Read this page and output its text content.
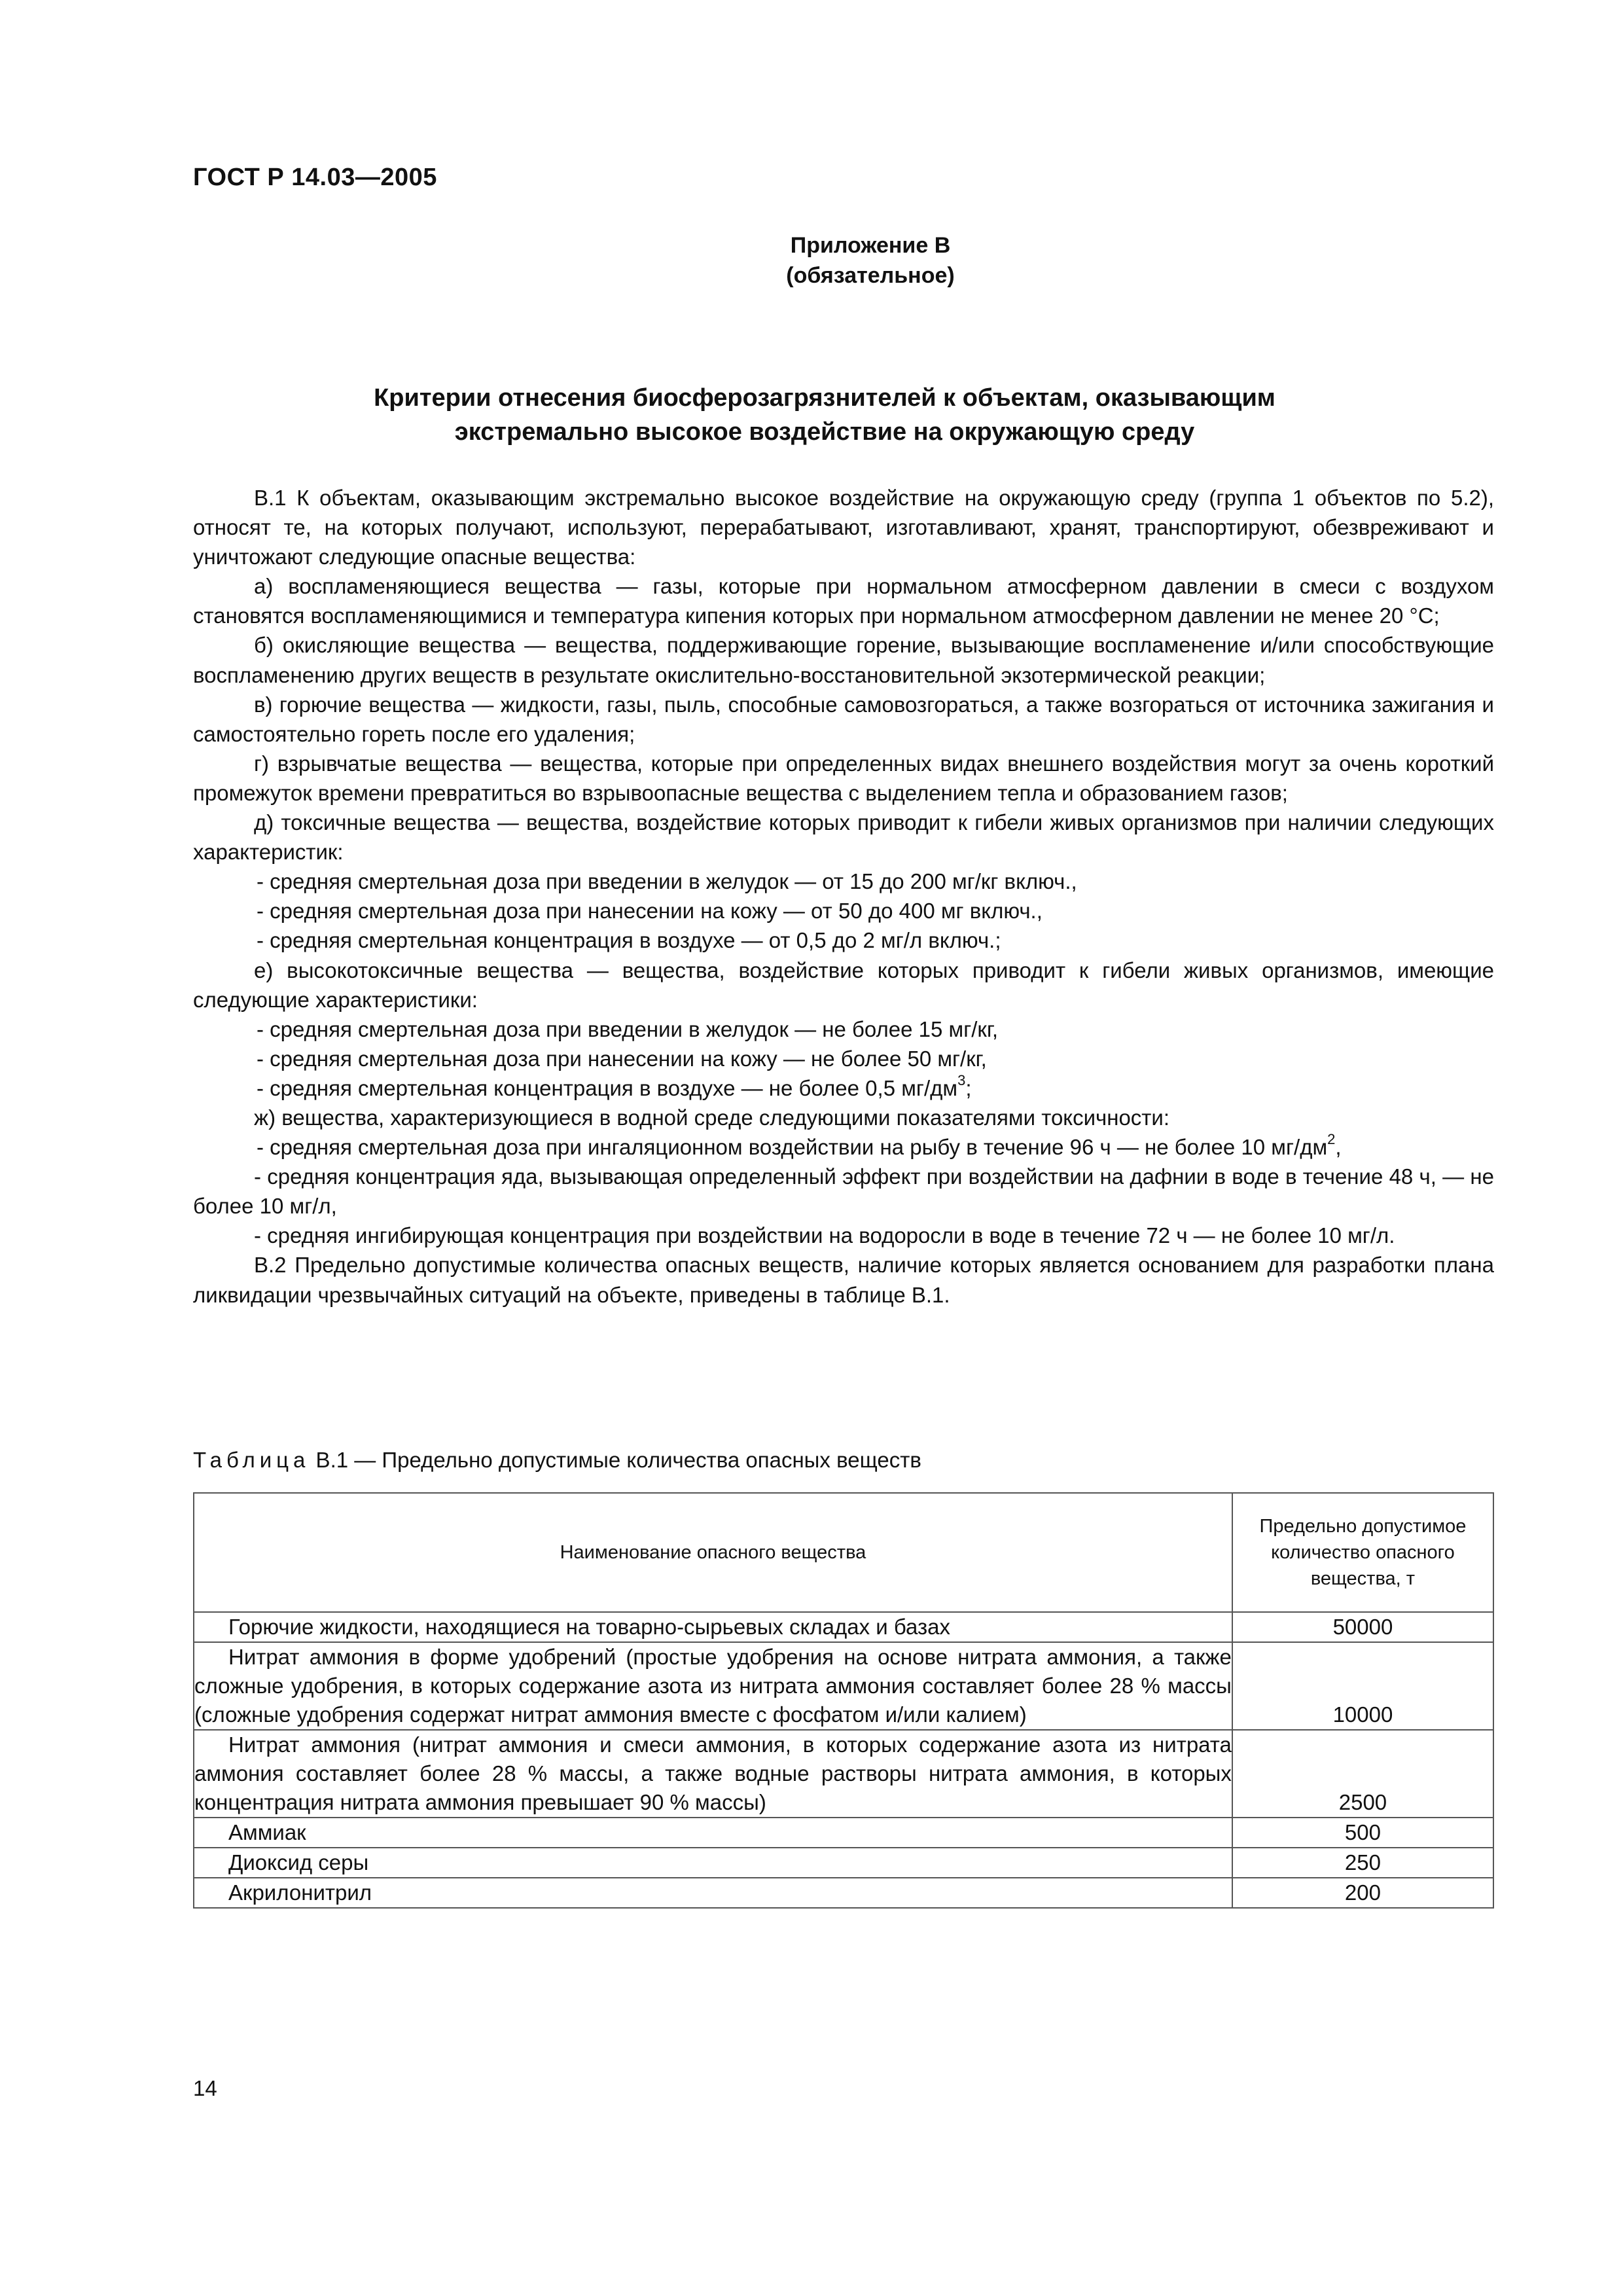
ГОСТ Р 14.03—2005
Приложение В
(обязательное)
Критерии отнесения биосферозагрязнителей к объектам, оказывающим
экстремально высокое воздействие на окружающую среду

В.1 К объектам, оказывающим экстремально высокое воздействие на окружающую среду (группа 1 объектов по 5.2), относят те, на которых получают, используют, перерабатывают, изготавливают, хранят, транспортируют, обезвреживают и уничтожают следующие опасные вещества:

а) воспламеняющиеся вещества — газы, которые при нормальном атмосферном давлении в смеси с воздухом становятся воспламеняющимися и температура кипения которых при нормальном атмосферном давлении не менее 20 °С;

б) окисляющие вещества — вещества, поддерживающие горение, вызывающие воспламенение и/или способствующие воспламенению других веществ в результате окислительно-восстановительной экзотермической реакции;

в) горючие вещества — жидкости, газы, пыль, способные самовозгораться, а также возгораться от источника зажигания и самостоятельно гореть после его удаления;

г) взрывчатые вещества — вещества, которые при определенных видах внешнего воздействия могут за очень короткий промежуток времени превратиться во взрывоопасные вещества с выделением тепла и образованием газов;

д) токсичные вещества — вещества, воздействие которых приводит к гибели живых организмов при наличии следующих характеристик:

- средняя смертельная доза при введении в желудок — от 15 до 200 мг/кг включ.,

- средняя смертельная доза при нанесении на кожу — от 50 до 400 мг включ.,

- средняя смертельная концентрация в воздухе — от 0,5 до 2 мг/л включ.;

е) высокотоксичные вещества — вещества, воздействие которых приводит к гибели живых организмов, имеющие следующие характеристики:

- средняя смертельная доза при введении в желудок — не более 15 мг/кг,

- средняя смертельная доза при нанесении на кожу — не более 50 мг/кг,

- средняя смертельная концентрация в воздухе — не более 0,5 $мг/дм^3$;

ж) вещества, характеризующиеся в водной среде следующими показателями токсичности:

- средняя смертельная доза при ингаляционном воздействии на рыбу в течение 96 ч — не более 10 $мг/дм^2$,

- средняя концентрация яда, вызывающая определенный эффект при воздействии на дафнии в воде в течение 48 ч, — не более 10 мг/л,

- средняя ингибирующая концентрация при воздействии на водоросли в воде в течение 72 ч — не более 10 мг/л.

В.2 Предельно допустимые количества опасных веществ, наличие которых является основанием для разработки плана ликвидации чрезвычайных ситуаций на объекте, приведены в таблице В.1.

Таблица В.1 — Предельно допустимые количества опасных веществ
Наименование опасного вещества	Предельно допустимое количество опасного вещества, т

Горючие жидкости, находящиеся на товарно-сырьевых складах и базах	50000

Нитрат аммония в форме удобрений (простые удобрения на основе нитрата аммония, а также сложные удобрения, в которых содержание азота из нитрата аммония составляет более 28 % массы (сложные удобрения содержат нитрат аммония вместе с фосфатом и/или калием)	10000

Нитрат аммония (нитрат аммония и смеси аммония, в которых содержание азота из нитрата аммония составляет более 28 % массы, а также водные растворы нитрата аммония, в которых концентрация нитрата аммония превышает 90 % массы)	2500

Аммиак	500

Диоксид серы	250

Акрилонитрил	200
14
